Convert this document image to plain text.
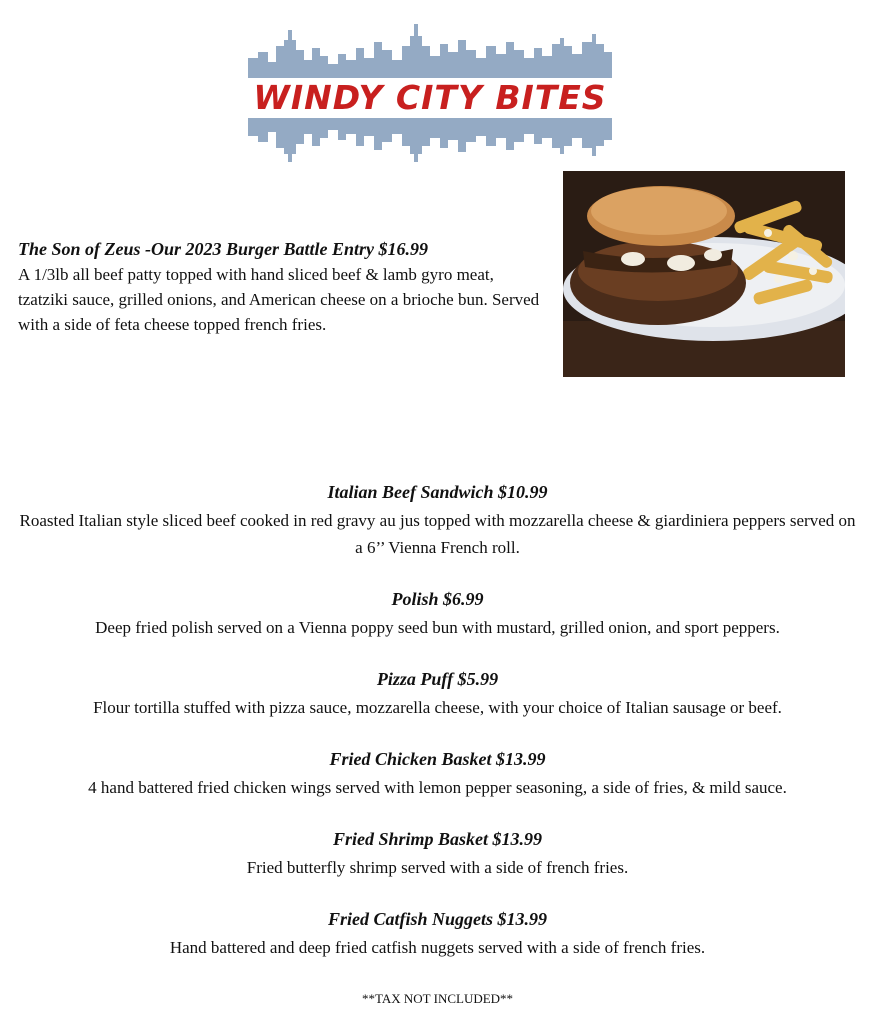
WINDY CITY BITES
The Son of Zeus -Our 2023 Burger Battle Entry $16.99
A 1/3lb all beef patty topped with hand sliced beef & lamb gyro meat, tzatziki sauce, grilled onions, and American cheese on a brioche bun. Served with a side of feta cheese topped french fries.
Italian Beef Sandwich $10.99
Roasted Italian style sliced beef cooked in red gravy au jus topped with mozzarella cheese & giardiniera peppers served on a 6’’ Vienna French roll.
Polish $6.99
Deep fried polish served on a Vienna poppy seed bun with mustard, grilled onion, and sport peppers.
Pizza Puff $5.99
Flour tortilla stuffed with pizza sauce, mozzarella cheese, with your choice of Italian sausage or beef.
Fried Chicken Basket $13.99
4 hand battered fried chicken wings served with lemon pepper seasoning, a side of fries, & mild sauce.
Fried Shrimp Basket $13.99
Fried butterfly shrimp served with a side of french fries.
Fried Catfish Nuggets $13.99
Hand battered and deep fried catfish nuggets served with a side of french fries.
**TAX NOT INCLUDED**
